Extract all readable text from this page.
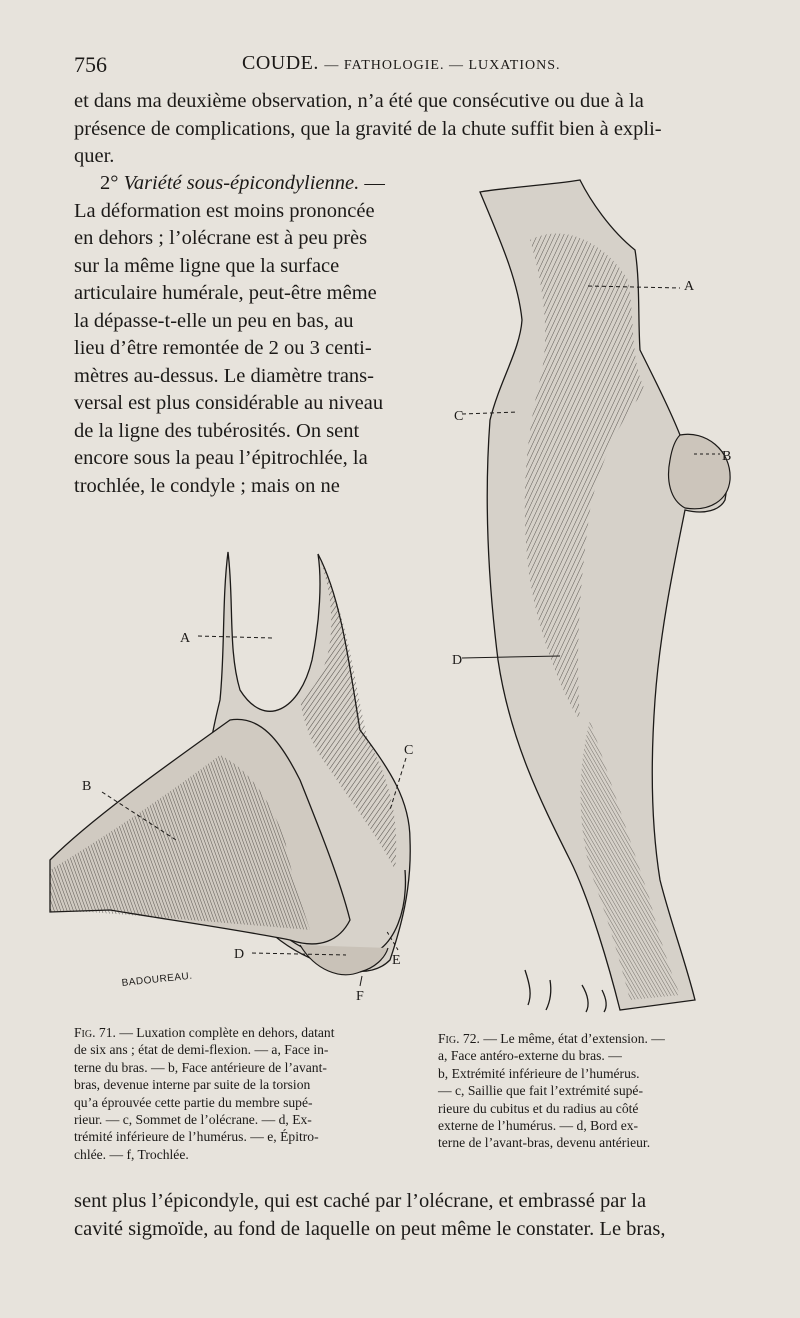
756	COUDE. — FATHOLOGIE. — LUXATIONS.

et dans ma deuxième observation, n’a été que consécutive ou due à la

présence de complications, que la gravité de la chute suffit bien à expli-

quer.

2° Variété sous-épicondylienne. —

La déformation est moins prononcée

en dehors ; l’olécrane est à peu près

sur la même ligne que la surface

articulaire humérale, peut-être même

la dépasse-t-elle un peu en bas, au

lieu d’être remontée de 2 ou 3 centi-

mètres au-dessus. Le diamètre trans-

versal est plus considérable au niveau

de la ligne des tubérosités. On sent

encore sous la peau l’épitrochlée, la

trochlée, le condyle ; mais on ne

A
B
C
D	E
F
BADOUREAU.
A
C
B
D
Fig. 71. — Luxation complète en dehors, datant
de six ans ; état de demi-flexion. — a, Face in-
terne du bras. — b, Face antérieure de l’avant-
bras, devenue interne par suite de la torsion
qu’a éprouvée cette partie du membre supé-
rieur. — c, Sommet de l’olécrane. — d, Ex-
trémité inférieure de l’humérus. — e, Épitro-
chlée. — f, Trochlée.
Fig. 72. — Le même, état d’extension. —
a, Face antéro-externe du bras. —
b, Extrémité inférieure de l’humérus.
— c, Saillie que fait l’extrémité supé-
rieure du cubitus et du radius au côté
externe de l’humérus. — d, Bord ex-
terne de l’avant-bras, devenu antérieur.

sent plus l’épicondyle, qui est caché par l’olécrane, et embrassé par la

cavité sigmoïde, au fond de laquelle on peut même le constater. Le bras,
